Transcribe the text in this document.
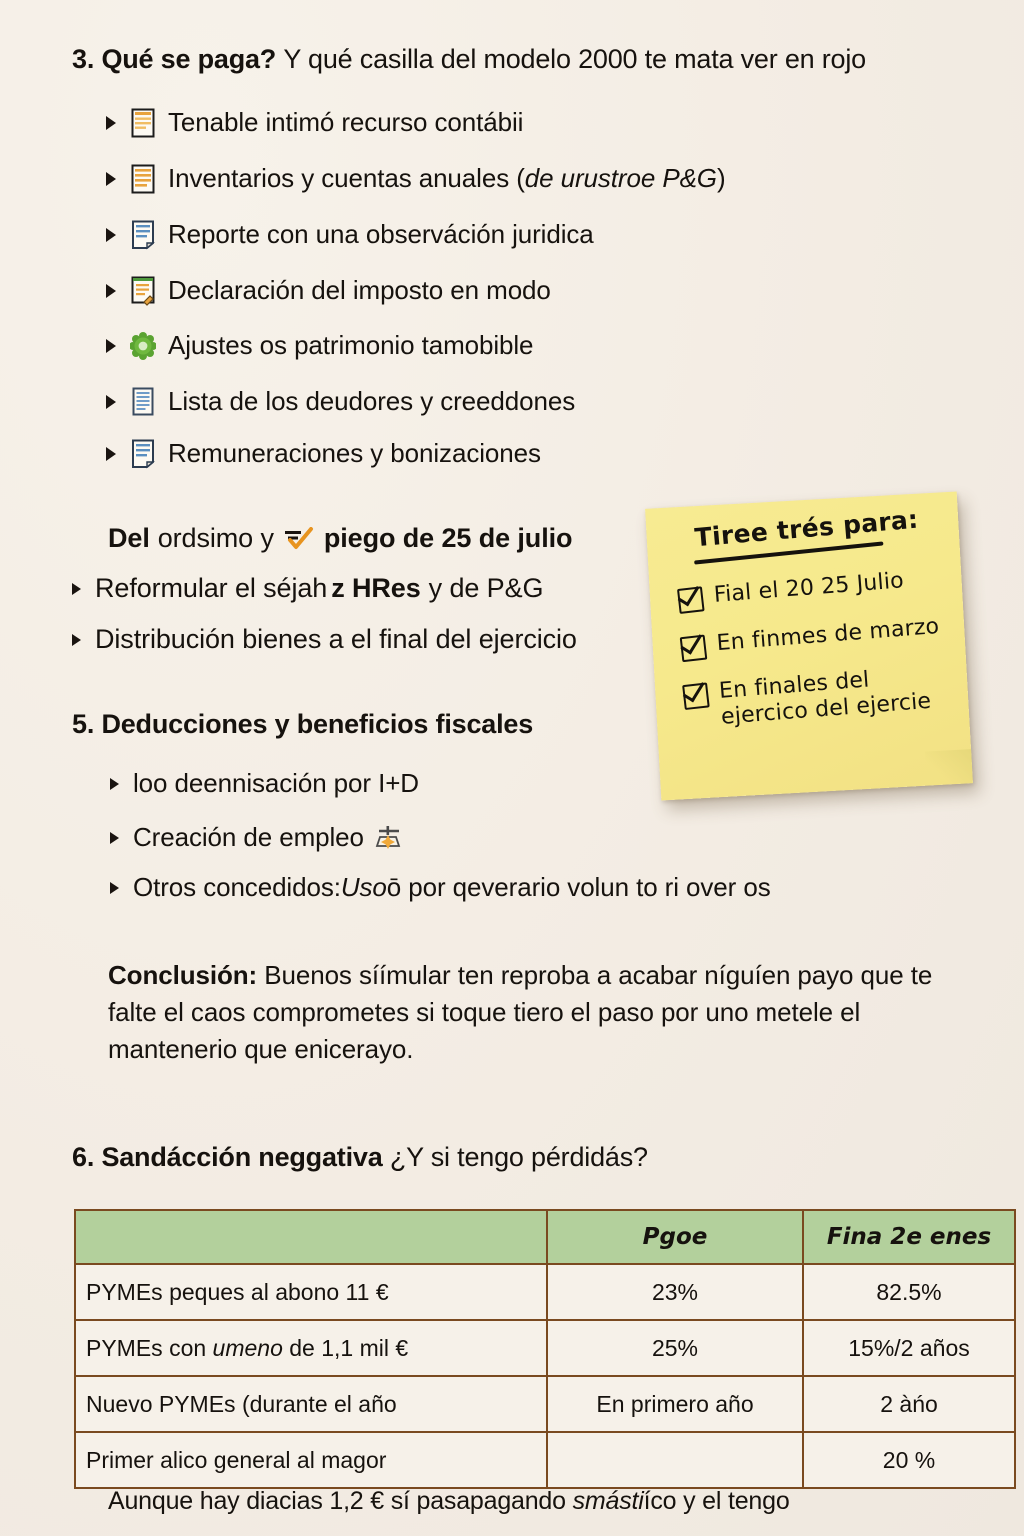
3. Qué se paga? Y qué casilla del modelo 2000 te mata ver en rojo
Tenable intimó recurso contábii
Inventarios y cuentas anuales ( de urustroe P&G )
Reporte con una observáción juridica
Declaración del imposto en modo
Ajustes os patrimonio tamobible
Lista de los deudores y creeddones
Remuneraciones y bonizaciones
Del ordsimo y piego de 25 de julio
Reformular el séjah z HRes y de P&G
Distribución bienes a el final del ejercicio
Tiree trés para:
Fial el 20 25 Julio
En finmes de marzo
En finales del
ejercico del ejercie
5. Deducciones y beneficios fiscales
loo deennisación por I+D
Creación de empleo
Otros concedidos: Uso ō por qeverario volun to ri over os
Conclusión: Buenos síímular ten reproba a acabar níguíen payo que te falte el caos comprometes si toque tiero el paso por uno metele el mantenerio que enicerayo.
6. Sandácción neggativa ¿Y si tengo pérdidás?
	Pgoe	Fina 2e enes
PYMEs peques al abono 11 €	23%	82.5%
PYMEs con umeno de 1,1 mil €	25%	15%/2 años
Nuevo PYMEs (durante el año	En primero año	2 àńo
Primer alico general al magor		20 %
Aunque hay diacias 1,2 € sí pasapagando smástiíco y el tengo
